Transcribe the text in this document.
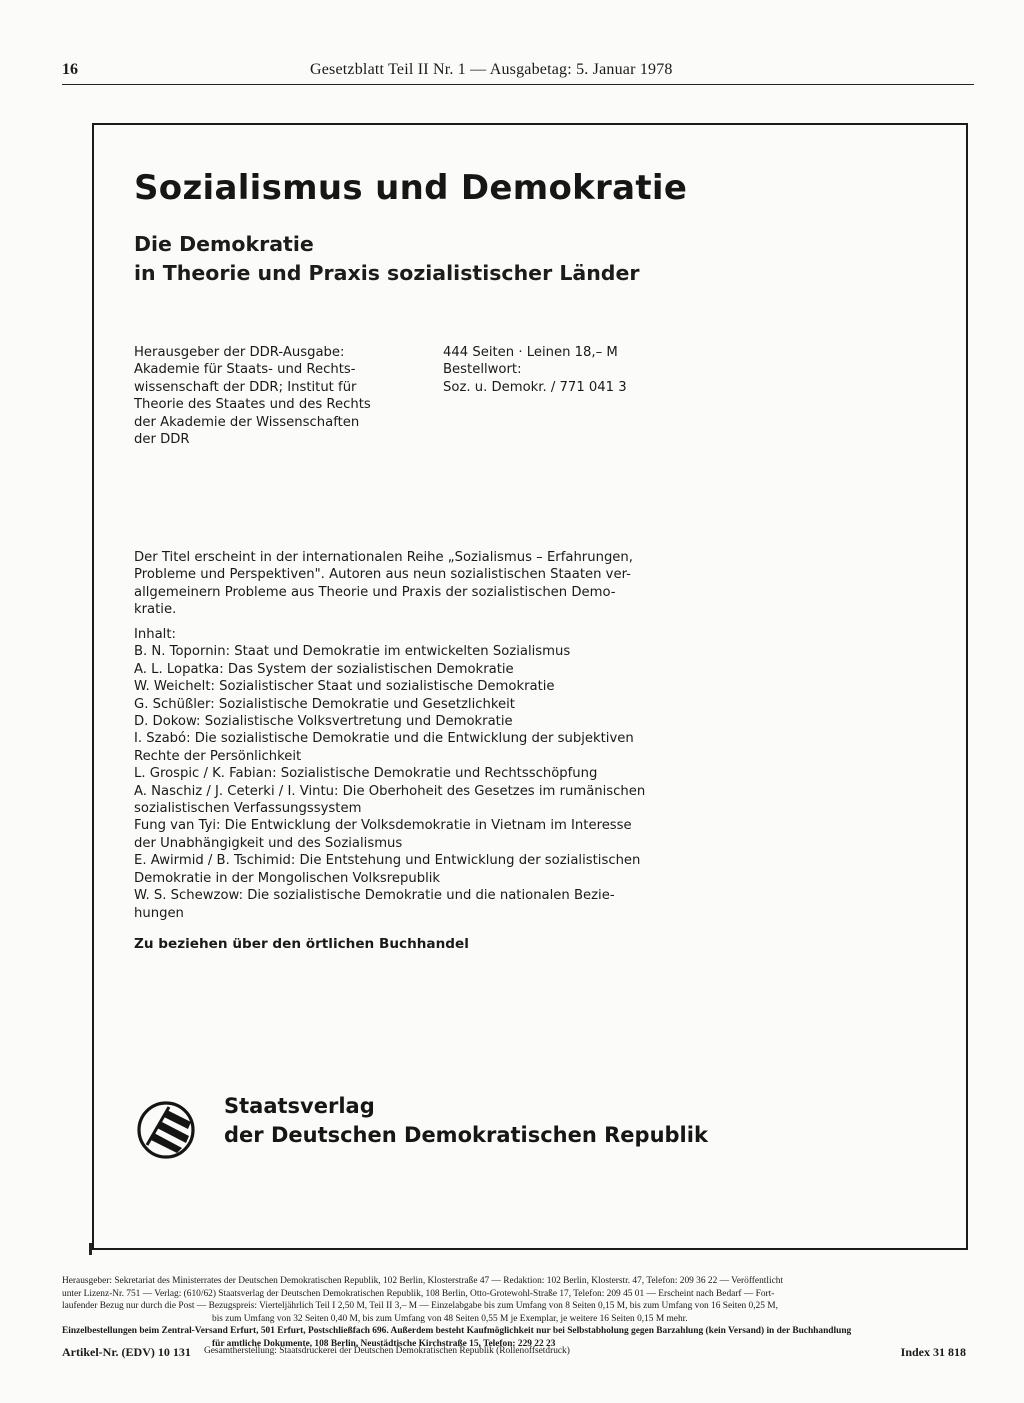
16	Gesetzblatt Teil II Nr. 1 — Ausgabetag: 5. Januar 1978
Sozialismus und Demokratie
Die Demokratie
in Theorie und Praxis sozialistischer Länder
Herausgeber der DDR-Ausgabe:
Akademie für Staats- und Rechts-
wissenschaft der DDR; Institut für
Theorie des Staates und des Rechts
der Akademie der Wissenschaften
der DDR
444 Seiten · Leinen 18,– M
Bestellwort:
Soz. u. Demokr. / 771 041 3
Der Titel erscheint in der internationalen Reihe „Sozialismus – Erfahrungen,
Probleme und Perspektiven". Autoren aus neun sozialistischen Staaten ver-
allgemeinern Probleme aus Theorie und Praxis der sozialistischen Demo-
kratie.
Inhalt:
B. N. Topornin: Staat und Demokratie im entwickelten Sozialismus
A. L. Lopatka: Das System der sozialistischen Demokratie
W. Weichelt: Sozialistischer Staat und sozialistische Demokratie
G. Schüßler: Sozialistische Demokratie und Gesetzlichkeit
D. Dokow: Sozialistische Volksvertretung und Demokratie
I. Szabó: Die sozialistische Demokratie und die Entwicklung der subjektiven
Rechte der Persönlichkeit
L. Grospic / K. Fabian: Sozialistische Demokratie und Rechtsschöpfung
A. Naschiz / J. Ceterki / I. Vintu: Die Oberhoheit des Gesetzes im rumänischen
sozialistischen Verfassungssystem
Fung van Tyi: Die Entwicklung der Volksdemokratie in Vietnam im Interesse
der Unabhängigkeit und des Sozialismus
E. Awirmid / B. Tschimid: Die Entstehung und Entwicklung der sozialistischen
Demokratie in der Mongolischen Volksrepublik
W. S. Schewzow: Die sozialistische Demokratie und die nationalen Bezie-
hungen
Zu beziehen über den örtlichen Buchhandel
Staatsverlag
der Deutschen Demokratischen Republik
Herausgeber: Sekretariat des Ministerrates der Deutschen Demokratischen Republik, 102 Berlin, Klosterstraße 47 — Redaktion: 102 Berlin, Klosterstr. 47, Telefon: 209 36 22 — Veröffentlicht
unter Lizenz-Nr. 751 — Verlag: (610/62) Staatsverlag der Deutschen Demokratischen Republik, 108 Berlin, Otto-Grotewohl-Straße 17, Telefon: 209 45 01 — Erscheint nach Bedarf — Fort-
laufender Bezug nur durch die Post — Bezugspreis: Vierteljährlich Teil I 2,50 M, Teil II 3,– M — Einzelabgabe bis zum Umfang von 8 Seiten 0,15 M, bis zum Umfang von 16 Seiten 0,25 M,
bis zum Umfang von 32 Seiten 0,40 M, bis zum Umfang von 48 Seiten 0,55 M je Exemplar, je weitere 16 Seiten 0,15 M mehr.
Einzelbestellungen beim Zentral-Versand Erfurt, 501 Erfurt, Postschließfach 696. Außerdem besteht Kaufmöglichkeit nur bei Selbstabholung gegen Barzahlung (kein Versand) in der Buchhandlung
für amtliche Dokumente, 108 Berlin, Neustädtische Kirchstraße 15, Telefon: 229 22 23
Artikel-Nr. (EDV) 10 131 Gesamtherstellung: Staatsdruckerei der Deutschen Demokratischen Republik (Rollenoffsetdruck)	Index 31 818
